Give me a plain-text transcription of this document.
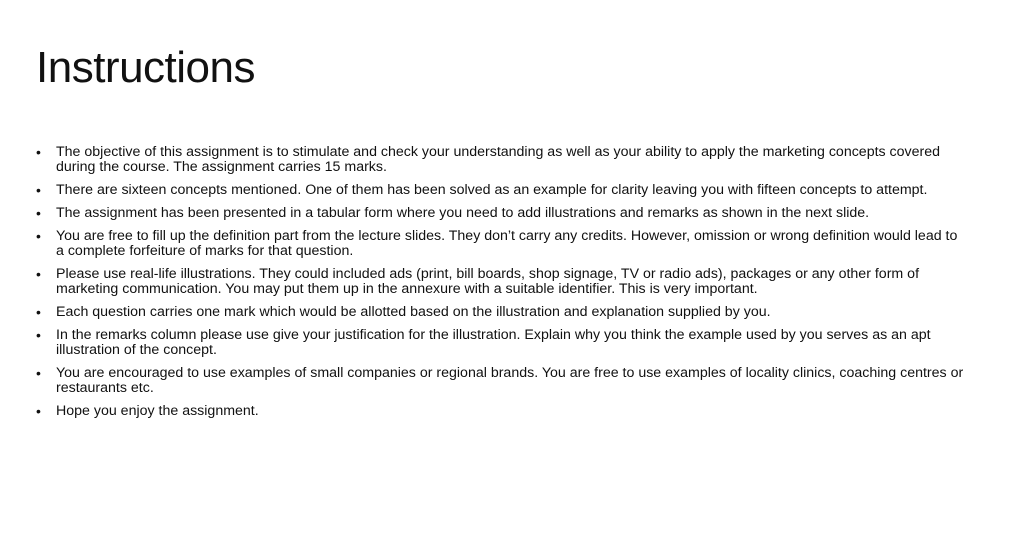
Instructions
• The objective of this assignment is to stimulate and check your understanding as well as your ability to apply the marketing concepts covered during the course. The assignment carries 15 marks.
• There are sixteen concepts mentioned. One of them has been solved as an example for clarity leaving you with fifteen concepts to attempt.
• The assignment has been presented in a tabular form where you need to add illustrations and remarks as shown in the next slide.
• You are free to fill up the definition part from the lecture slides. They don’t carry any credits. However, omission or wrong definition would lead to a complete forfeiture of marks for that question.
• Please use real-life illustrations. They could included ads (print, bill boards, shop signage, TV or radio ads), packages or any other form of marketing communication. You may put them up in the annexure with a suitable identifier. This is very important.
• Each question carries one mark which would be allotted based on the illustration and explanation supplied by you.
• In the remarks column please use give your justification for the illustration. Explain why you think the example used by you serves as an apt illustration of the concept.
• You are encouraged to use examples of small companies or regional brands. You are free to use examples of locality clinics, coaching centres or restaurants etc.
• Hope you enjoy the assignment.
